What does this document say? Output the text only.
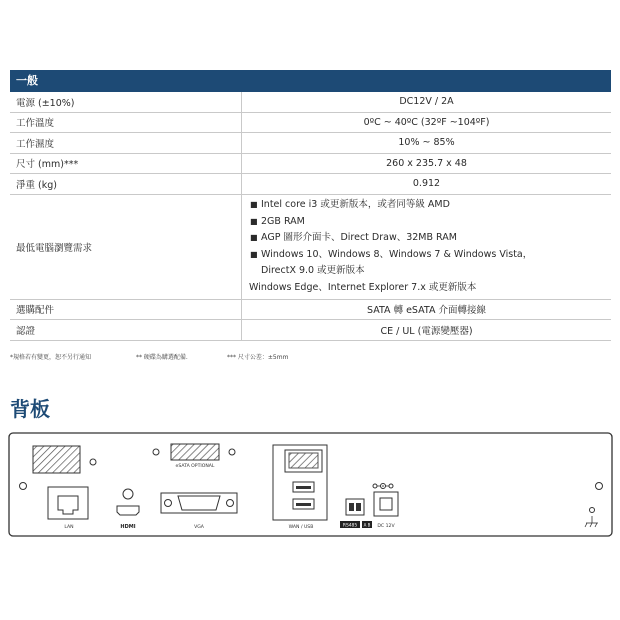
一般
電源 (±10%)	DC12V / 2A
工作溫度	0ºC ~ 40ºC (32ºF ~104ºF)
工作濕度	10% ~ 85%
尺寸 (mm)***	260 x 235.7 x 48
淨重 (kg)	0.912
最低電腦瀏覽需求
■ Intel core i3 或更新版本，或者同等級 AMD
■ 2GB RAM
■ AGP 圖形介面卡、Direct Draw、32MB RAM
■ Windows 10、Windows 8、Windows 7 & Windows Vista，
DirectX 9.0 或更新版本
Windows Edge、Internet Explorer 7.x 或更新版本
選購配件	SATA 轉 eSATA 介面轉接線
認證	CE / UL (電源變壓器)
*規格若有變更，恕不另行通知	** 硬碟為購選配備.	*** 尺寸公差：±5mm
背板
eSATA OPTIONAL
LAN	HDMI	VGA	WAN / USB	RS485 A B DC 12V
